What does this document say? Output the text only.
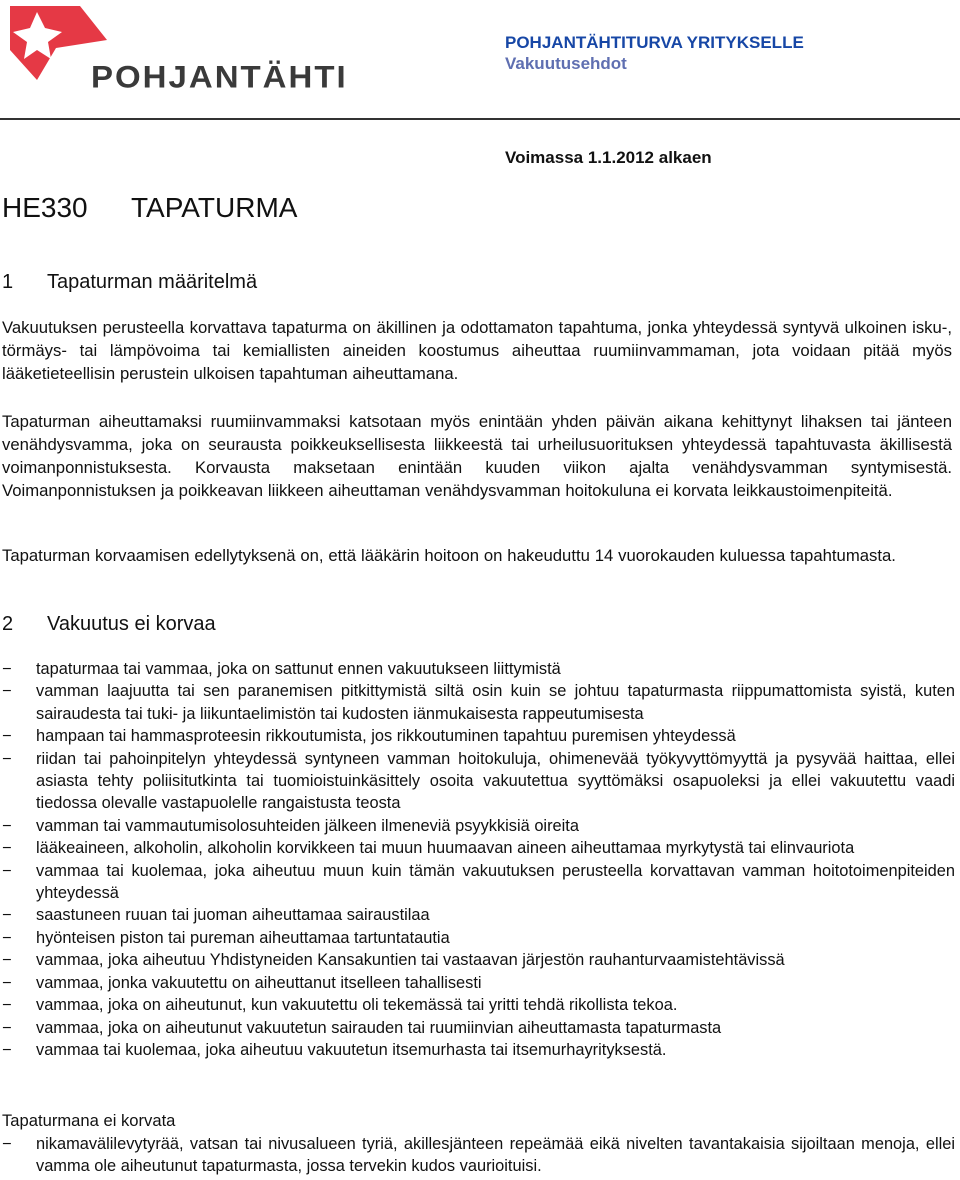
POHJANTÄHTI
POHJANTÄHTITURVA YRITYKSELLE
Vakuutusehdot
Voimassa 1.1.2012 alkaen
HE330 TAPATURMA
1	Tapaturman määritelmä

Vakuutuksen perusteella korvattava tapaturma on äkillinen ja odottamaton tapahtuma, jonka yhteydessä syntyvä ulkoinen isku-, törmäys- tai lämpövoima tai kemiallisten aineiden koostumus aiheuttaa ruumiinvammaman, jota voidaan pitää myös lääketieteellisin perustein ulkoisen tapahtuman aiheuttamana.

Tapaturman aiheuttamaksi ruumiinvammaksi katsotaan myös enintään yhden päivän aikana kehittynyt lihaksen tai jänteen venähdysvamma, joka on seurausta poikkeuksellisesta liikkeestä tai urheilusuorituksen yhteydessä tapahtuvasta äkillisestä voimanponnistuksesta. Korvausta maksetaan enintään kuuden viikon ajalta venähdysvamman syntymisestä. Voimanponnistuksen ja poikkeavan liikkeen aiheuttaman venähdysvamman hoitokuluna ei korvata leikkaustoimenpiteitä.

Tapaturman korvaamisen edellytyksenä on, että lääkärin hoitoon on hakeuduttu 14 vuorokauden kuluessa tapahtumasta.

2	Vakuutus ei korvaa
−	tapaturmaa tai vammaa, joka on sattunut ennen vakuutukseen liittymistä
−	vamman laajuutta tai sen paranemisen pitkittymistä siltä osin kuin se johtuu tapaturmasta riippumattomista syistä, kuten sairaudesta tai tuki- ja liikuntaelimistön tai kudosten iänmukaisesta rappeutumisesta
−	hampaan tai hammasproteesin rikkoutumista, jos rikkoutuminen tapahtuu puremisen yhteydessä
−	riidan tai pahoinpitelyn yhteydessä syntyneen vamman hoitokuluja, ohimenevää työkyvyttömyyttä ja pysyvää haittaa, ellei asiasta tehty poliisitutkinta tai tuomioistuinkäsittely osoita vakuutettua syyttömäksi osapuoleksi ja ellei vakuutettu vaadi tiedossa olevalle vastapuolelle rangaistusta teosta
−	vamman tai vammautumisolosuhteiden jälkeen ilmeneviä psyykkisiä oireita
−	lääkeaineen, alkoholin, alkoholin korvikkeen tai muun huumaavan aineen aiheuttamaa myrkytystä tai elinvauriota
−	vammaa tai kuolemaa, joka aiheutuu muun kuin tämän vakuutuksen perusteella korvattavan vamman hoitotoimenpiteiden yhteydessä
−	saastuneen ruuan tai juoman aiheuttamaa sairaustilaa
−	hyönteisen piston tai pureman aiheuttamaa tartuntatautia
−	vammaa, joka aiheutuu Yhdistyneiden Kansakuntien tai vastaavan järjestön rauhanturvaamistehtävissä
−	vammaa, jonka vakuutettu on aiheuttanut itselleen tahallisesti
−	vammaa, joka on aiheutunut, kun vakuutettu oli tekemässä tai yritti tehdä rikollista tekoa.
−	vammaa, joka on aiheutunut vakuutetun sairauden tai ruumiinvian aiheuttamasta tapaturmasta
−	vammaa tai kuolemaa, joka aiheutuu vakuutetun itsemurhasta tai itsemurhayrityksestä.
Tapaturmana ei korvata
−	nikamavälilevytyrää, vatsan tai nivusalueen tyriä, akillesjänteen repeämää eikä nivelten tavantakaisia sijoiltaan menoja, ellei vamma ole aiheutunut tapaturmasta, jossa tervekin kudos vaurioituisi.
